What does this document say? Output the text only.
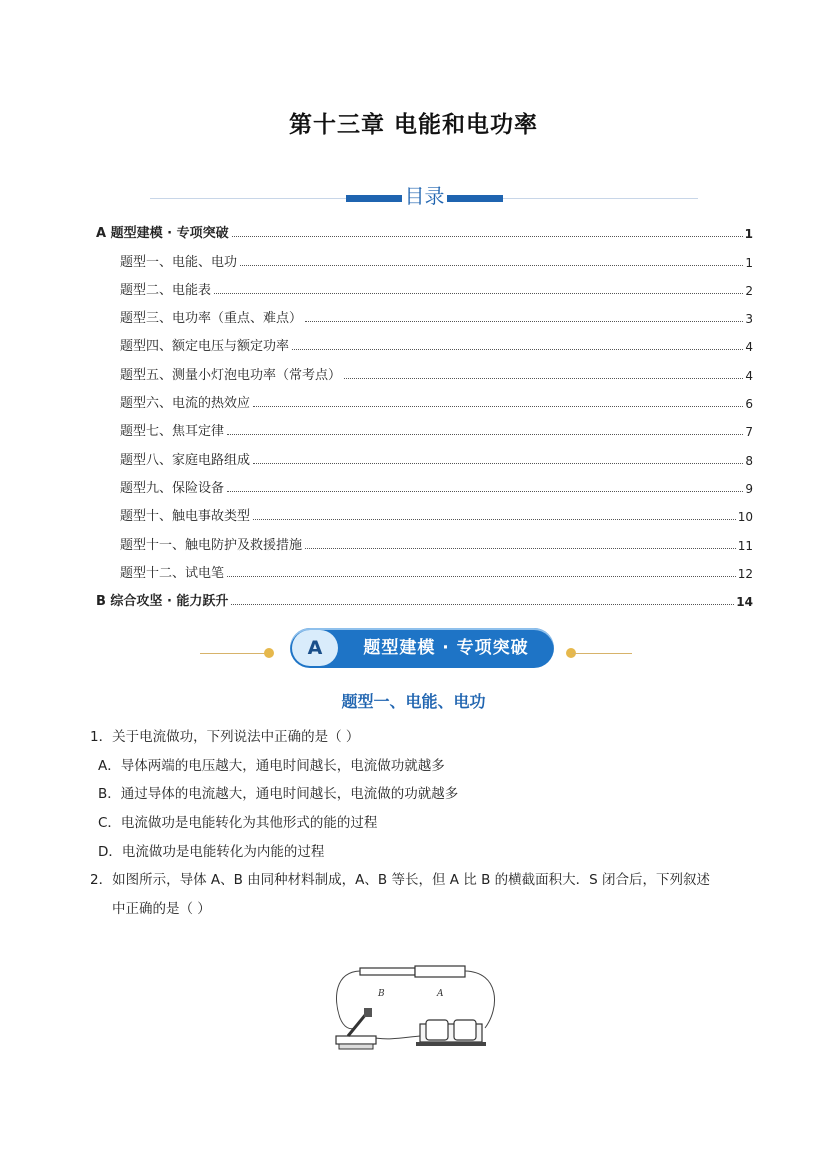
第十三章 电能和电功率
目录
A 题型建模 · 专项突破	1
题型一、电能、电功	1
题型二、电能表	2
题型三、电功率（重点、难点）	3
题型四、额定电压与额定功率	4
题型五、测量小灯泡电功率（常考点）	4
题型六、电流的热效应	6
题型七、焦耳定律	7
题型八、家庭电路组成	8
题型九、保险设备	9
题型十、触电事故类型	10
题型十一、触电防护及救援措施	11
题型十二、试电笔	12
B 综合攻坚 · 能力跃升	14
A	题型建模 · 专项突破
题型一、电能、电功
1．关于电流做功，下列说法中正确的是（ ）
A．导体两端的电压越大，通电时间越长，电流做功就越多
B．通过导体的电流越大，通电时间越长，电流做的功就越多
C．电流做功是电能转化为其他形式的能的过程
D．电流做功是电能转化为内能的过程
2．如图所示，导体 A、B 由同种材料制成，A、B 等长，但 A 比 B 的横截面积大．S 闭合后，下列叙述
中正确的是（ ）
B	A
